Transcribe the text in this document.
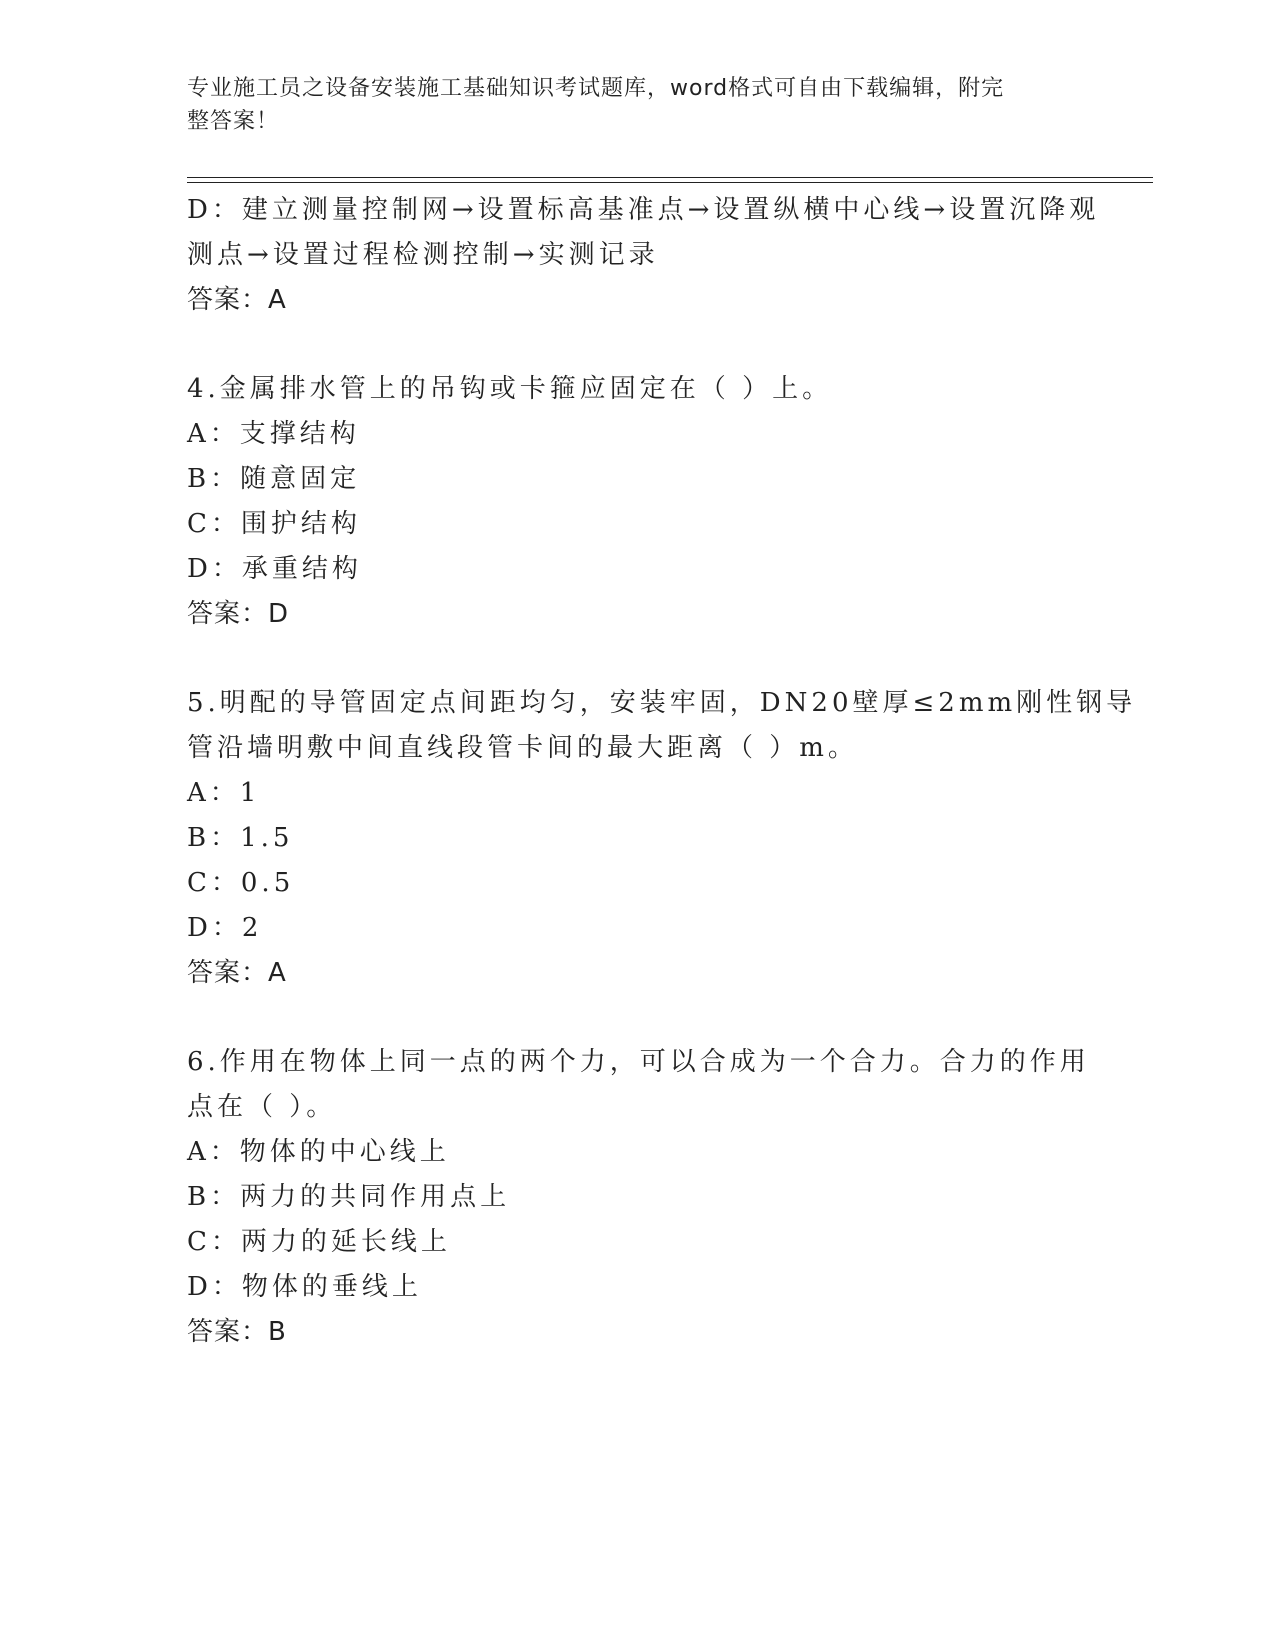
专业施工员之设备安装施工基础知识考试题库，word格式可自由下载编辑，附完
整答案！
D：建立测量控制网→设置标高基准点→设置纵横中心线→设置沉降观
测点→设置过程检测控制→实测记录
答案：A
4.金属排水管上的吊钩或卡箍应固定在（ ）上。
A：支撑结构
B：随意固定
C：围护结构
D：承重结构
答案：D
5.明配的导管固定点间距均匀，安装牢固，DN20壁厚≤2mm刚性钢导
管沿墙明敷中间直线段管卡间的最大距离（ ）m。
A：1
B：1.5
C：0.5
D：2
答案：A
6.作用在物体上同一点的两个力，可以合成为一个合力。合力的作用
点在（ ）。
A：物体的中心线上
B：两力的共同作用点上
C：两力的延长线上
D：物体的垂线上
答案：B
